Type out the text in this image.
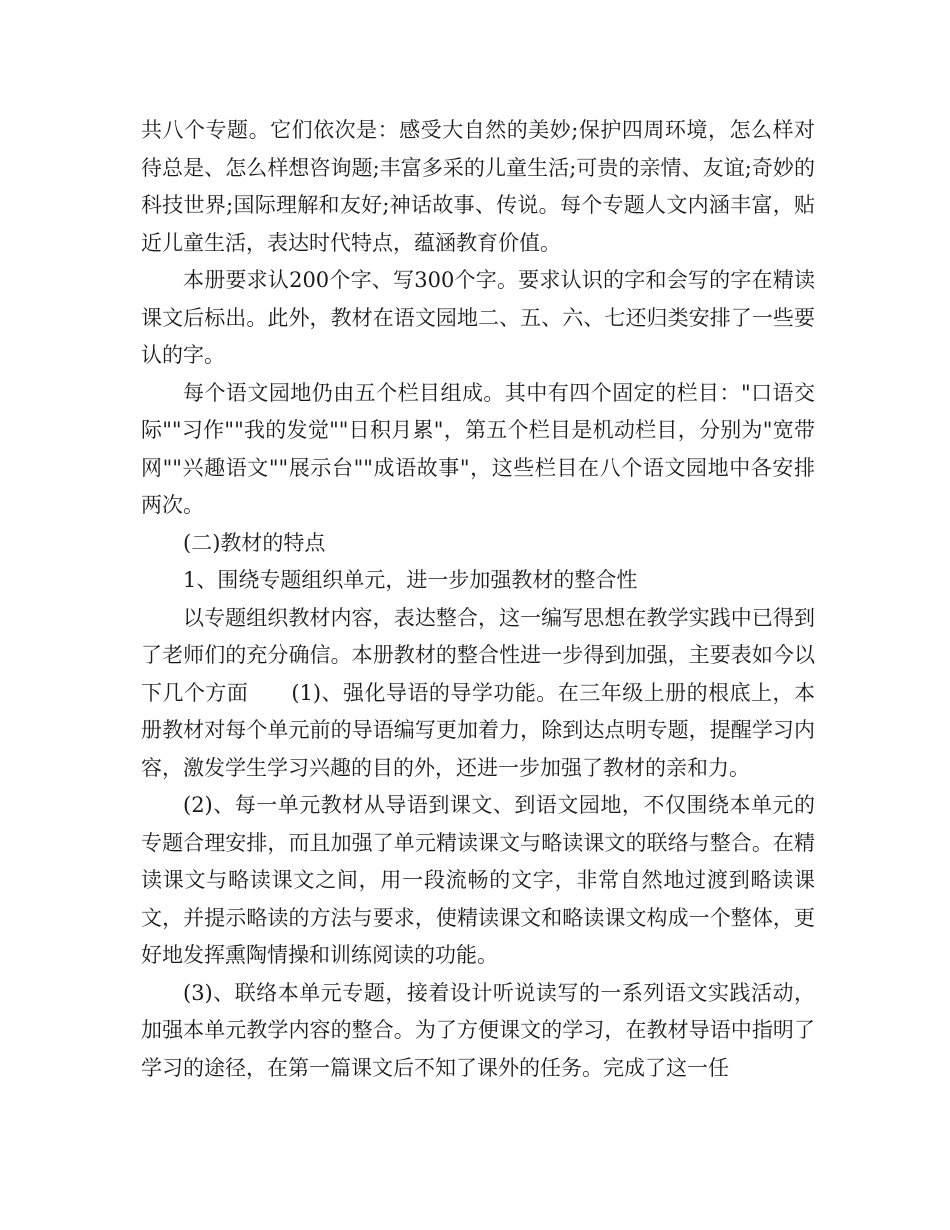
共八个专题。它们依次是：感受大自然的美妙;保护四周环境，怎么样对待总是、怎么样想咨询题;丰富多采的儿童生活;可贵的亲情、友谊;奇妙的科技世界;国际理解和友好;神话故事、传说。每个专题人文内涵丰富，贴近儿童生活，表达时代特点，蕴涵教育价值。

本册要求认200个字、写300个字。要求认识的字和会写的字在精读课文后标出。此外，教材在语文园地二、五、六、七还归类安排了一些要认的字。

每个语文园地仍由五个栏目组成。其中有四个固定的栏目："口语交际""习作""我的发觉""日积月累"，第五个栏目是机动栏目，分别为"宽带网""兴趣语文""展示台""成语故事"，这些栏目在八个语文园地中各安排两次。

(二)教材的特点

1、围绕专题组织单元，进一步加强教材的整合性

以专题组织教材内容，表达整合，这一编写思想在教学实践中已得到了老师们的充分确信。本册教材的整合性进一步得到加强，主要表如今以下几个方面　　(1)、强化导语的导学功能。在三年级上册的根底上，本册教材对每个单元前的导语编写更加着力，除到达点明专题，提醒学习内容，激发学生学习兴趣的目的外，还进一步加强了教材的亲和力。

(2)、每一单元教材从导语到课文、到语文园地，不仅围绕本单元的专题合理安排，而且加强了单元精读课文与略读课文的联络与整合。在精读课文与略读课文之间，用一段流畅的文字，非常自然地过渡到略读课文，并提示略读的方法与要求，使精读课文和略读课文构成一个整体，更好地发挥熏陶情操和训练阅读的功能。

(3)、联络本单元专题，接着设计听说读写的一系列语文实践活动，加强本单元教学内容的整合。为了方便课文的学习，在教材导语中指明了学习的途径，在第一篇课文后不知了课外的任务。完成了这一任
